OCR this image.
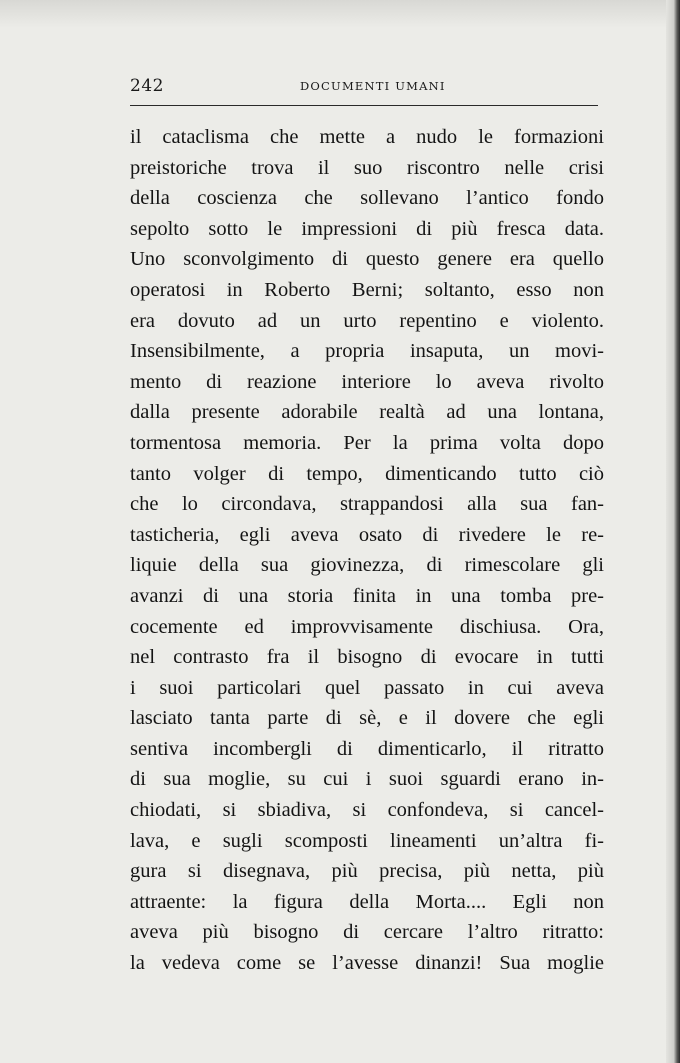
242	DOCUMENTI UMANI
il cataclisma che mette a nudo le formazioni
preistoriche trova il suo riscontro nelle crisi
della coscienza che sollevano l’antico fondo
sepolto sotto le impressioni di più fresca data.
Uno sconvolgimento di questo genere era quello
operatosi in Roberto Berni; soltanto, esso non
era dovuto ad un urto repentino e violento.
Insensibilmente, a propria insaputa, un movi-
mento di reazione interiore lo aveva rivolto
dalla presente adorabile realtà ad una lontana,
tormentosa memoria. Per la prima volta dopo
tanto volger di tempo, dimenticando tutto ciò
che lo circondava, strappandosi alla sua fan-
tasticheria, egli aveva osato di rivedere le re-
liquie della sua giovinezza, di rimescolare gli
avanzi di una storia finita in una tomba pre-
cocemente ed improvvisamente dischiusa. Ora,
nel contrasto fra il bisogno di evocare in tutti
i suoi particolari quel passato in cui aveva
lasciato tanta parte di sè, e il dovere che egli
sentiva incombergli di dimenticarlo, il ritratto
di sua moglie, su cui i suoi sguardi erano in-
chiodati, si sbiadiva, si confondeva, si cancel-
lava, e sugli scomposti lineamenti un’altra fi-
gura si disegnava, più precisa, più netta, più
attraente: la figura della Morta.... Egli non
aveva più bisogno di cercare l’altro ritratto:
la vedeva come se l’avesse dinanzi! Sua moglie
